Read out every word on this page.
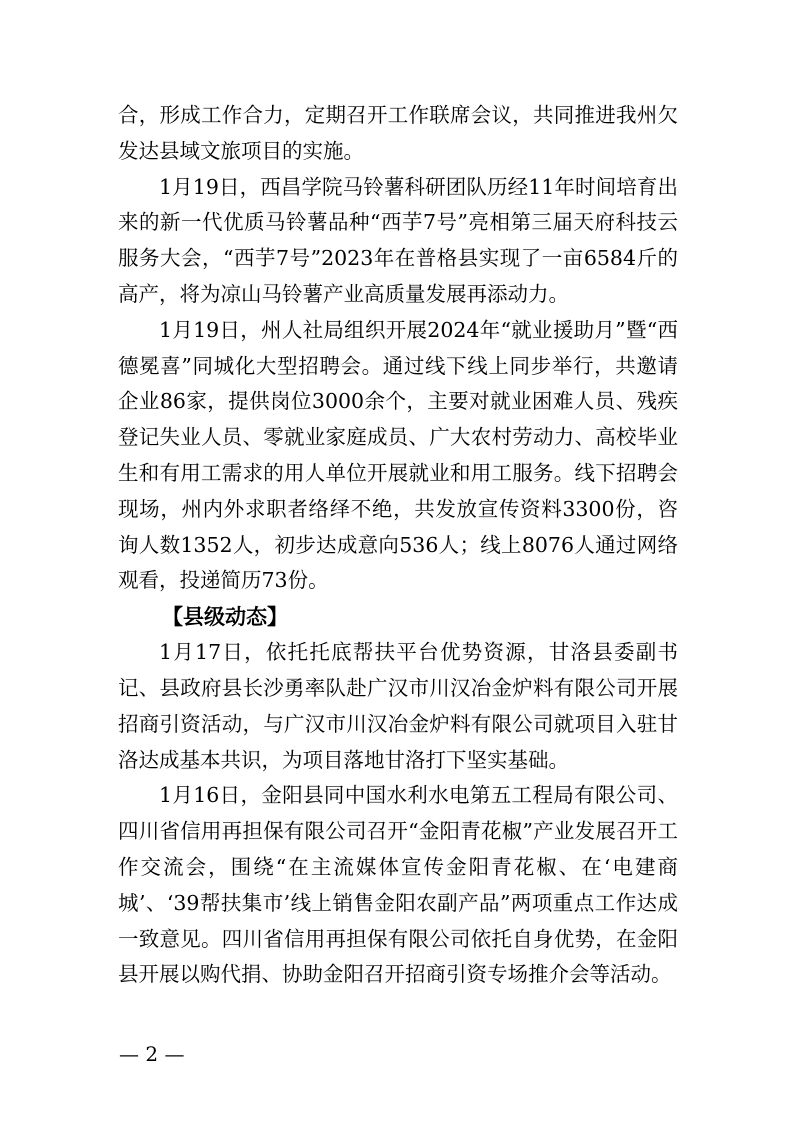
合，形成工作合力，定期召开工作联席会议，共同推进我州欠发达县域文旅项目的实施。

1月19日，西昌学院马铃薯科研团队历经11年时间培育出来的新一代优质马铃薯品种“西芋7号”亮相第三届天府科技云服务大会，“西芋7号”2023年在普格县实现了一亩6584斤的高产，将为凉山马铃薯产业高质量发展再添动力。

1月19日，州人社局组织开展2024年“就业援助月”暨“西德冕喜”同城化大型招聘会。通过线下线上同步举行，共邀请企业86家，提供岗位3000余个，主要对就业困难人员、残疾登记失业人员、零就业家庭成员、广大农村劳动力、高校毕业生和有用工需求的用人单位开展就业和用工服务。线下招聘会现场，州内外求职者络绎不绝，共发放宣传资料3300份，咨询人数1352人，初步达成意向536人；线上8076人通过网络观看，投递简历73份。

【县级动态】

1月17日，依托托底帮扶平台优势资源，甘洛县委副书记、县政府县长沙勇率队赴广汉市川汉冶金炉料有限公司开展招商引资活动，与广汉市川汉冶金炉料有限公司就项目入驻甘洛达成基本共识，为项目落地甘洛打下坚实基础。

1月16日，金阳县同中国水利水电第五工程局有限公司、四川省信用再担保有限公司召开“金阳青花椒”产业发展召开工作交流会，围绕“在主流媒体宣传金阳青花椒、在‘电建商城’、‘39帮扶集市’线上销售金阳农副产品”两项重点工作达成一致意见。四川省信用再担保有限公司依托自身优势，在金阳县开展以购代捐、协助金阳召开招商引资专场推介会等活动。

— 2 —
